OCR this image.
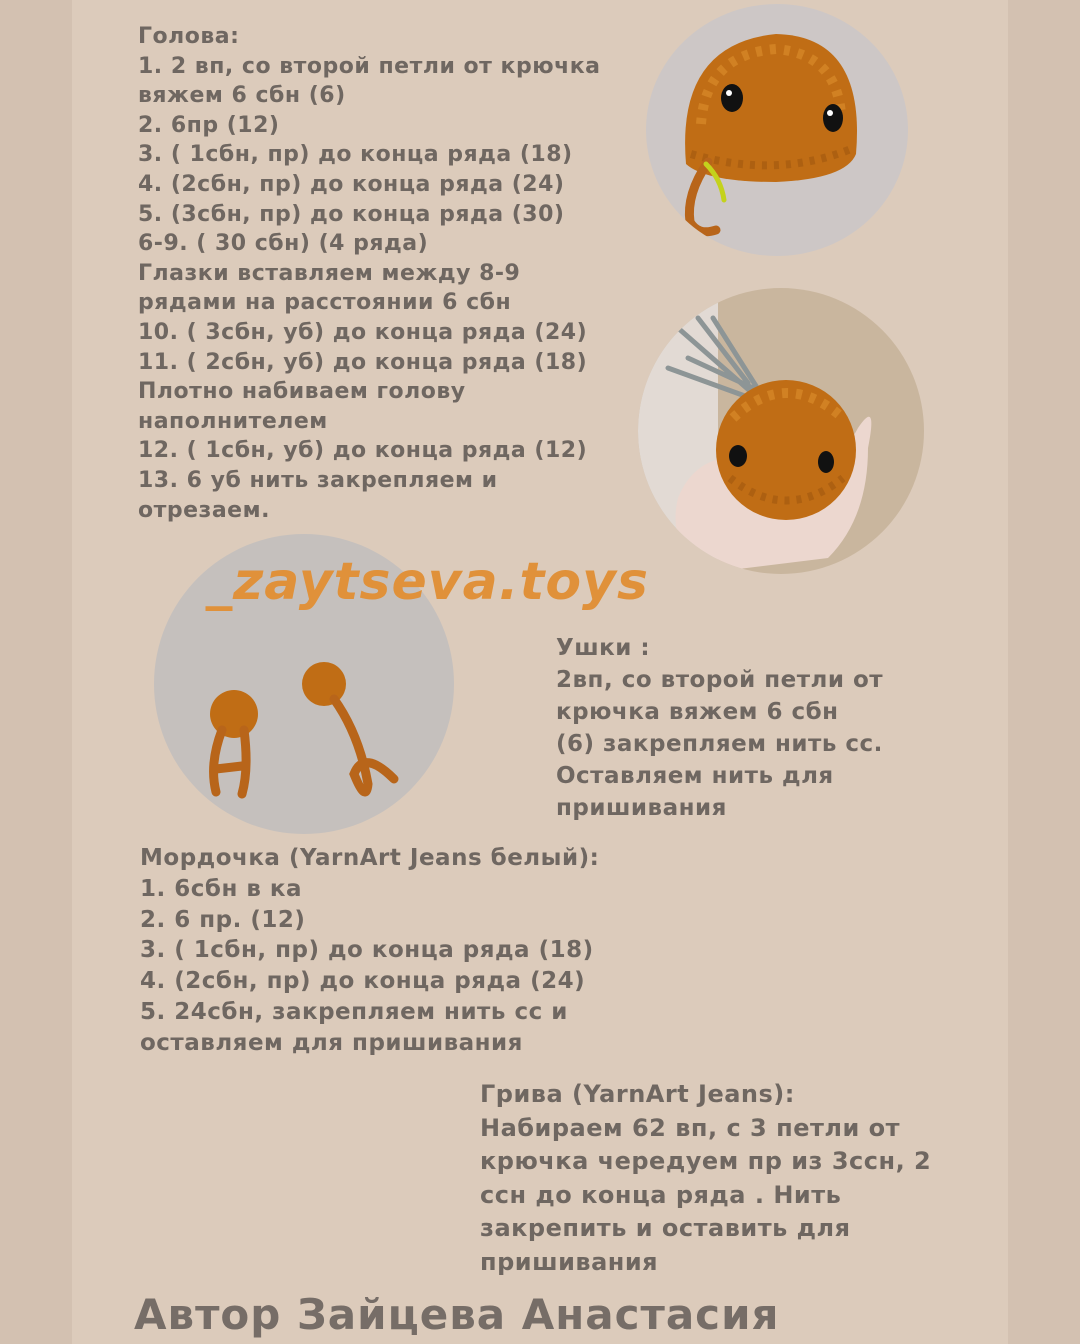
Голова:
1. 2 вп, со второй петли от крючка
вяжем 6 сбн (6)
2. 6пр (12)
3. ( 1сбн, пр) до конца ряда (18)
4. (2сбн, пр) до конца ряда (24)
5. (3сбн, пр) до конца ряда (30)
6-9. ( 30 сбн) (4 ряда)
Глазки вставляем между 8-9
рядами на расстоянии 6 сбн
10. ( 3сбн, уб) до конца ряда (24)
11. ( 2сбн, уб) до конца ряда (18)
Плотно набиваем голову
наполнителем
12. ( 1сбн, уб) до конца ряда (12)
13. 6 уб нить закрепляем и
отрезаем.
_zaytseva.toys
Ушки :
2вп, со второй петли от
крючка вяжем 6 сбн
(6) закрепляем нить сс.
Оставляем нить для
пришивания
Мордочка (YarnArt Jeans белый):
1. 6сбн в ка
2. 6 пр. (12)
3. ( 1сбн, пр) до конца ряда (18)
4. (2сбн, пр) до конца ряда (24)
5. 24сбн, закрепляем нить сс и
оставляем для пришивания
Грива (YarnArt Jeans):
Набираем 62 вп, с 3 петли от
крючка чередуем пр из 3ссн, 2
ссн до конца ряда . Нить
закрепить и оставить для
пришивания
Автор Зайцева Анастасия
